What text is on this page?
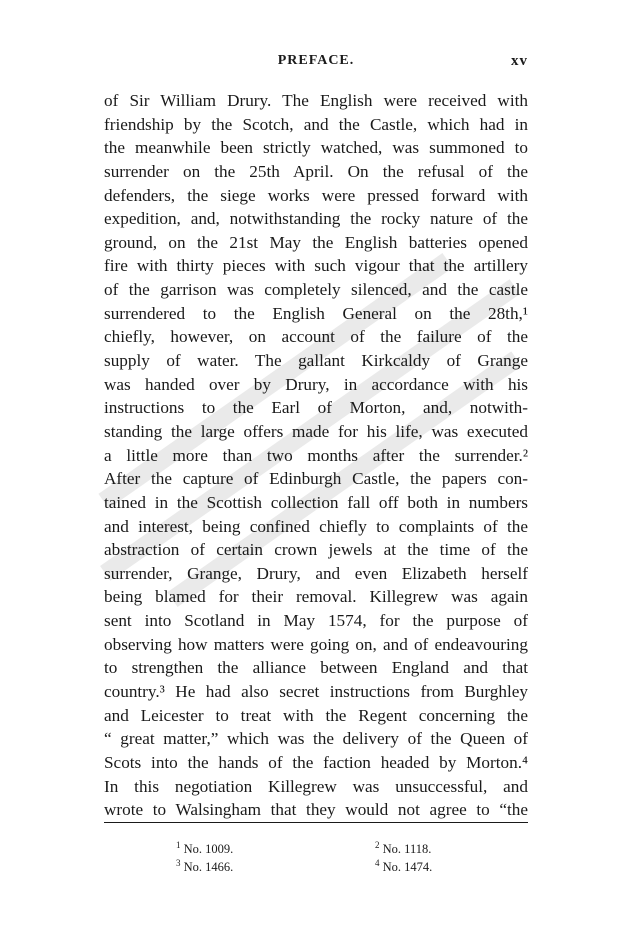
PREFACE.	xv
of Sir William Drury. The English were received with
friendship by the Scotch, and the Castle, which had in
the meanwhile been strictly watched, was summoned to
surrender on the 25th April. On the refusal of the
defenders, the siege works were pressed forward with
expedition, and, notwithstanding the rocky nature of the
ground, on the 21st May the English batteries opened
fire with thirty pieces with such vigour that the artillery
of the garrison was completely silenced, and the castle
surrendered to the English General on the 28th,¹
chiefly, however, on account of the failure of the
supply of water. The gallant Kirkcaldy of Grange
was handed over by Drury, in accordance with his
instructions to the Earl of Morton, and, notwith-
standing the large offers made for his life, was executed
a little more than two months after the surrender.²
After the capture of Edinburgh Castle, the papers con-
tained in the Scottish collection fall off both in numbers
and interest, being confined chiefly to complaints of the
abstraction of certain crown jewels at the time of the
surrender, Grange, Drury, and even Elizabeth herself
being blamed for their removal. Killegrew was again
sent into Scotland in May 1574, for the purpose of
observing how matters were going on, and of endeavouring
to strengthen the alliance between England and that
country.³ He had also secret instructions from Burghley
and Leicester to treat with the Regent concerning the
“ great matter,” which was the delivery of the Queen of
Scots into the hands of the faction headed by Morton.⁴
In this negotiation Killegrew was unsuccessful, and
wrote to Walsingham that they would not agree to “the
$^1$ No. 1009.	$^2$ No. 1118.
$^3$ No. 1466.	$^4$ No. 1474.
